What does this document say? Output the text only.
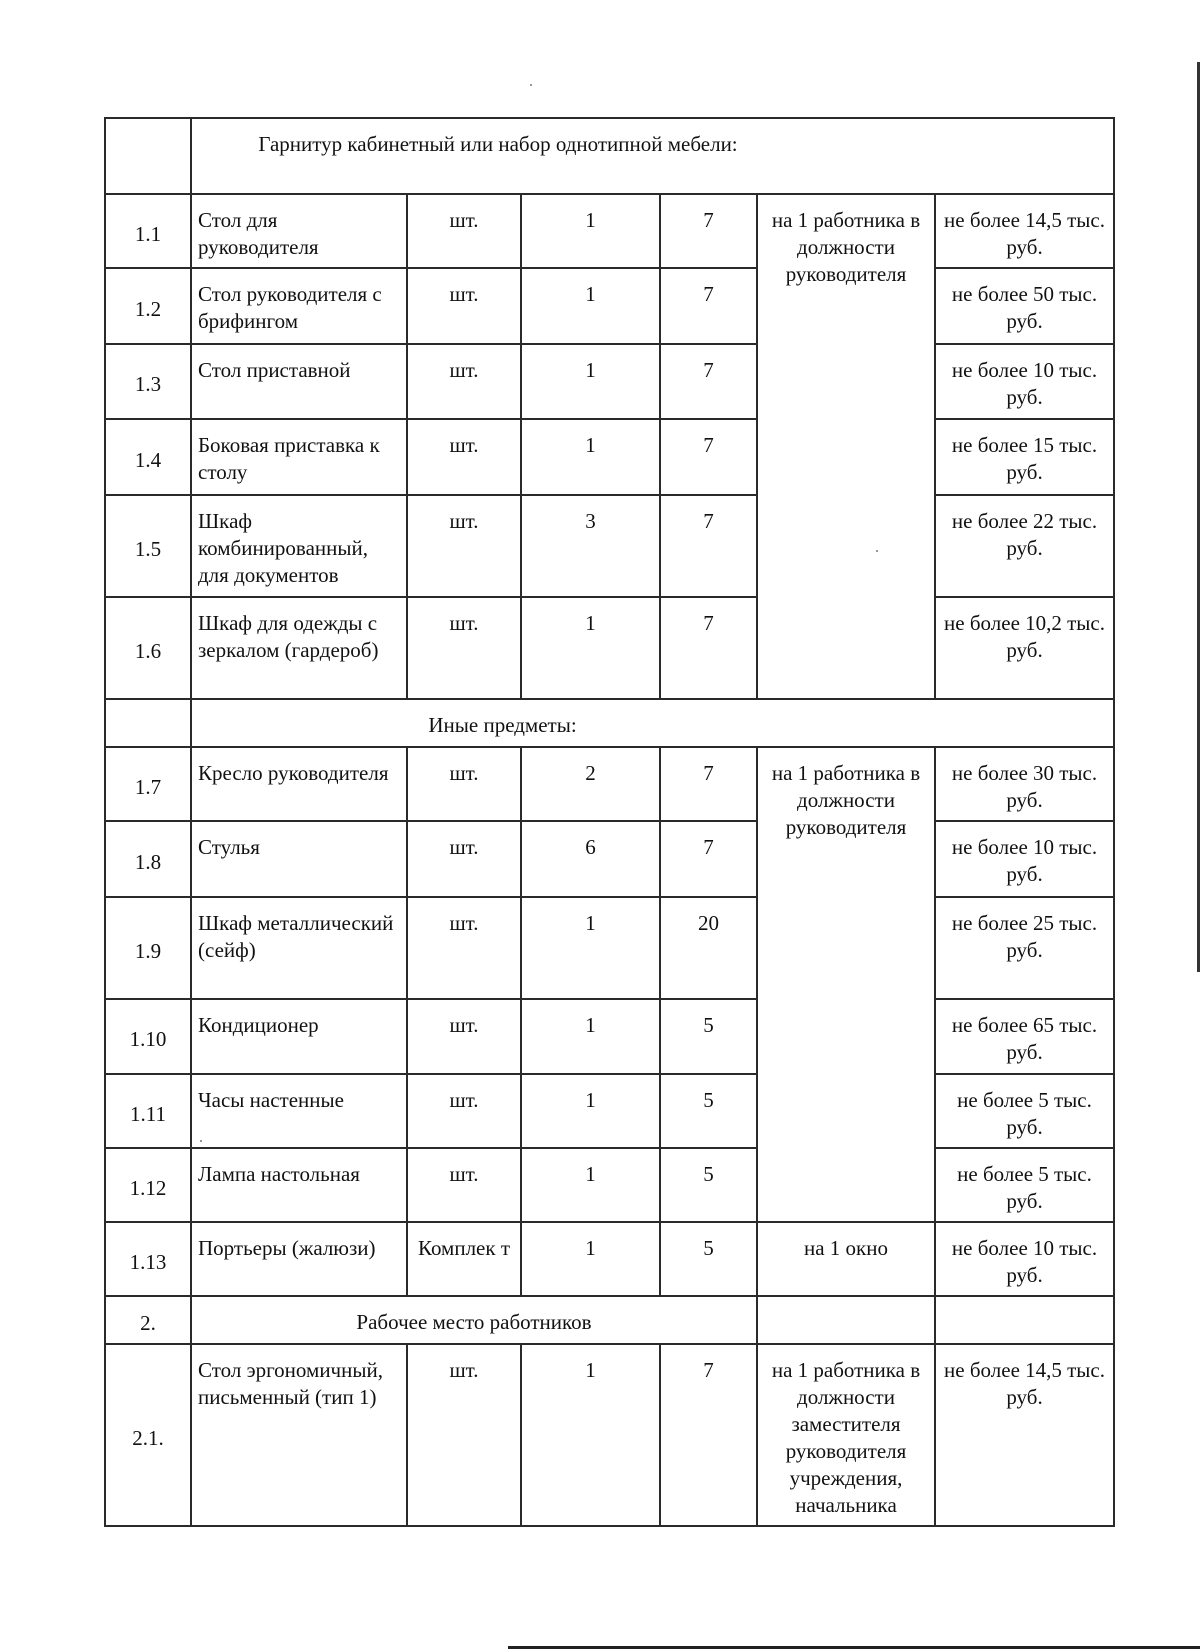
	Гарнитур кабинетный или набор однотипной мебели:					
1.1	Стол для руководителя	шт.	1	7	на 1 работника в должности руководителя	не более 14,5 тыс. руб.
1.2	Стол руководителя с брифингом	шт.	1	7		не более 50 тыс. руб.
1.3	Стол приставной	шт.	1	7		не более 10 тыс. руб.
1.4	Боковая приставка к столу	шт.	1	7		не более 15 тыс. руб.
1.5	Шкаф комбинированный, для документов	шт.	3	7		не более 22 тыс. руб.
1.6	Шкаф для одежды с зеркалом (гардероб)	шт.	1	7		не более 10,2 тыс. руб.
	Иные предметы:					
1.7	Кресло руководителя	шт.	2	7	на 1 работника в должности руководителя	не более 30 тыс. руб.
1.8	Стулья	шт.	6	7		не более 10 тыс. руб.
1.9	Шкаф металлический (сейф)	шт.	1	20		не более 25 тыс. руб.
1.10	Кондиционер	шт.	1	5		не более 65 тыс. руб.
1.11	Часы настенные	шт.	1	5		не более 5 тыс. руб.
1.12	Лампа настольная	шт.	1	5		не более 5 тыс. руб.
1.13	Портьеры (жалюзи)	Комплек т	1	5	на 1 окно	не более 10 тыс. руб.
2.	Рабочее место работников					
2.1.	Стол эргономичный, письменный (тип 1)	шт.	1	7	на 1 работника в должности заместителя руководителя учреждения, начальника	не более 14,5 тыс. руб.
